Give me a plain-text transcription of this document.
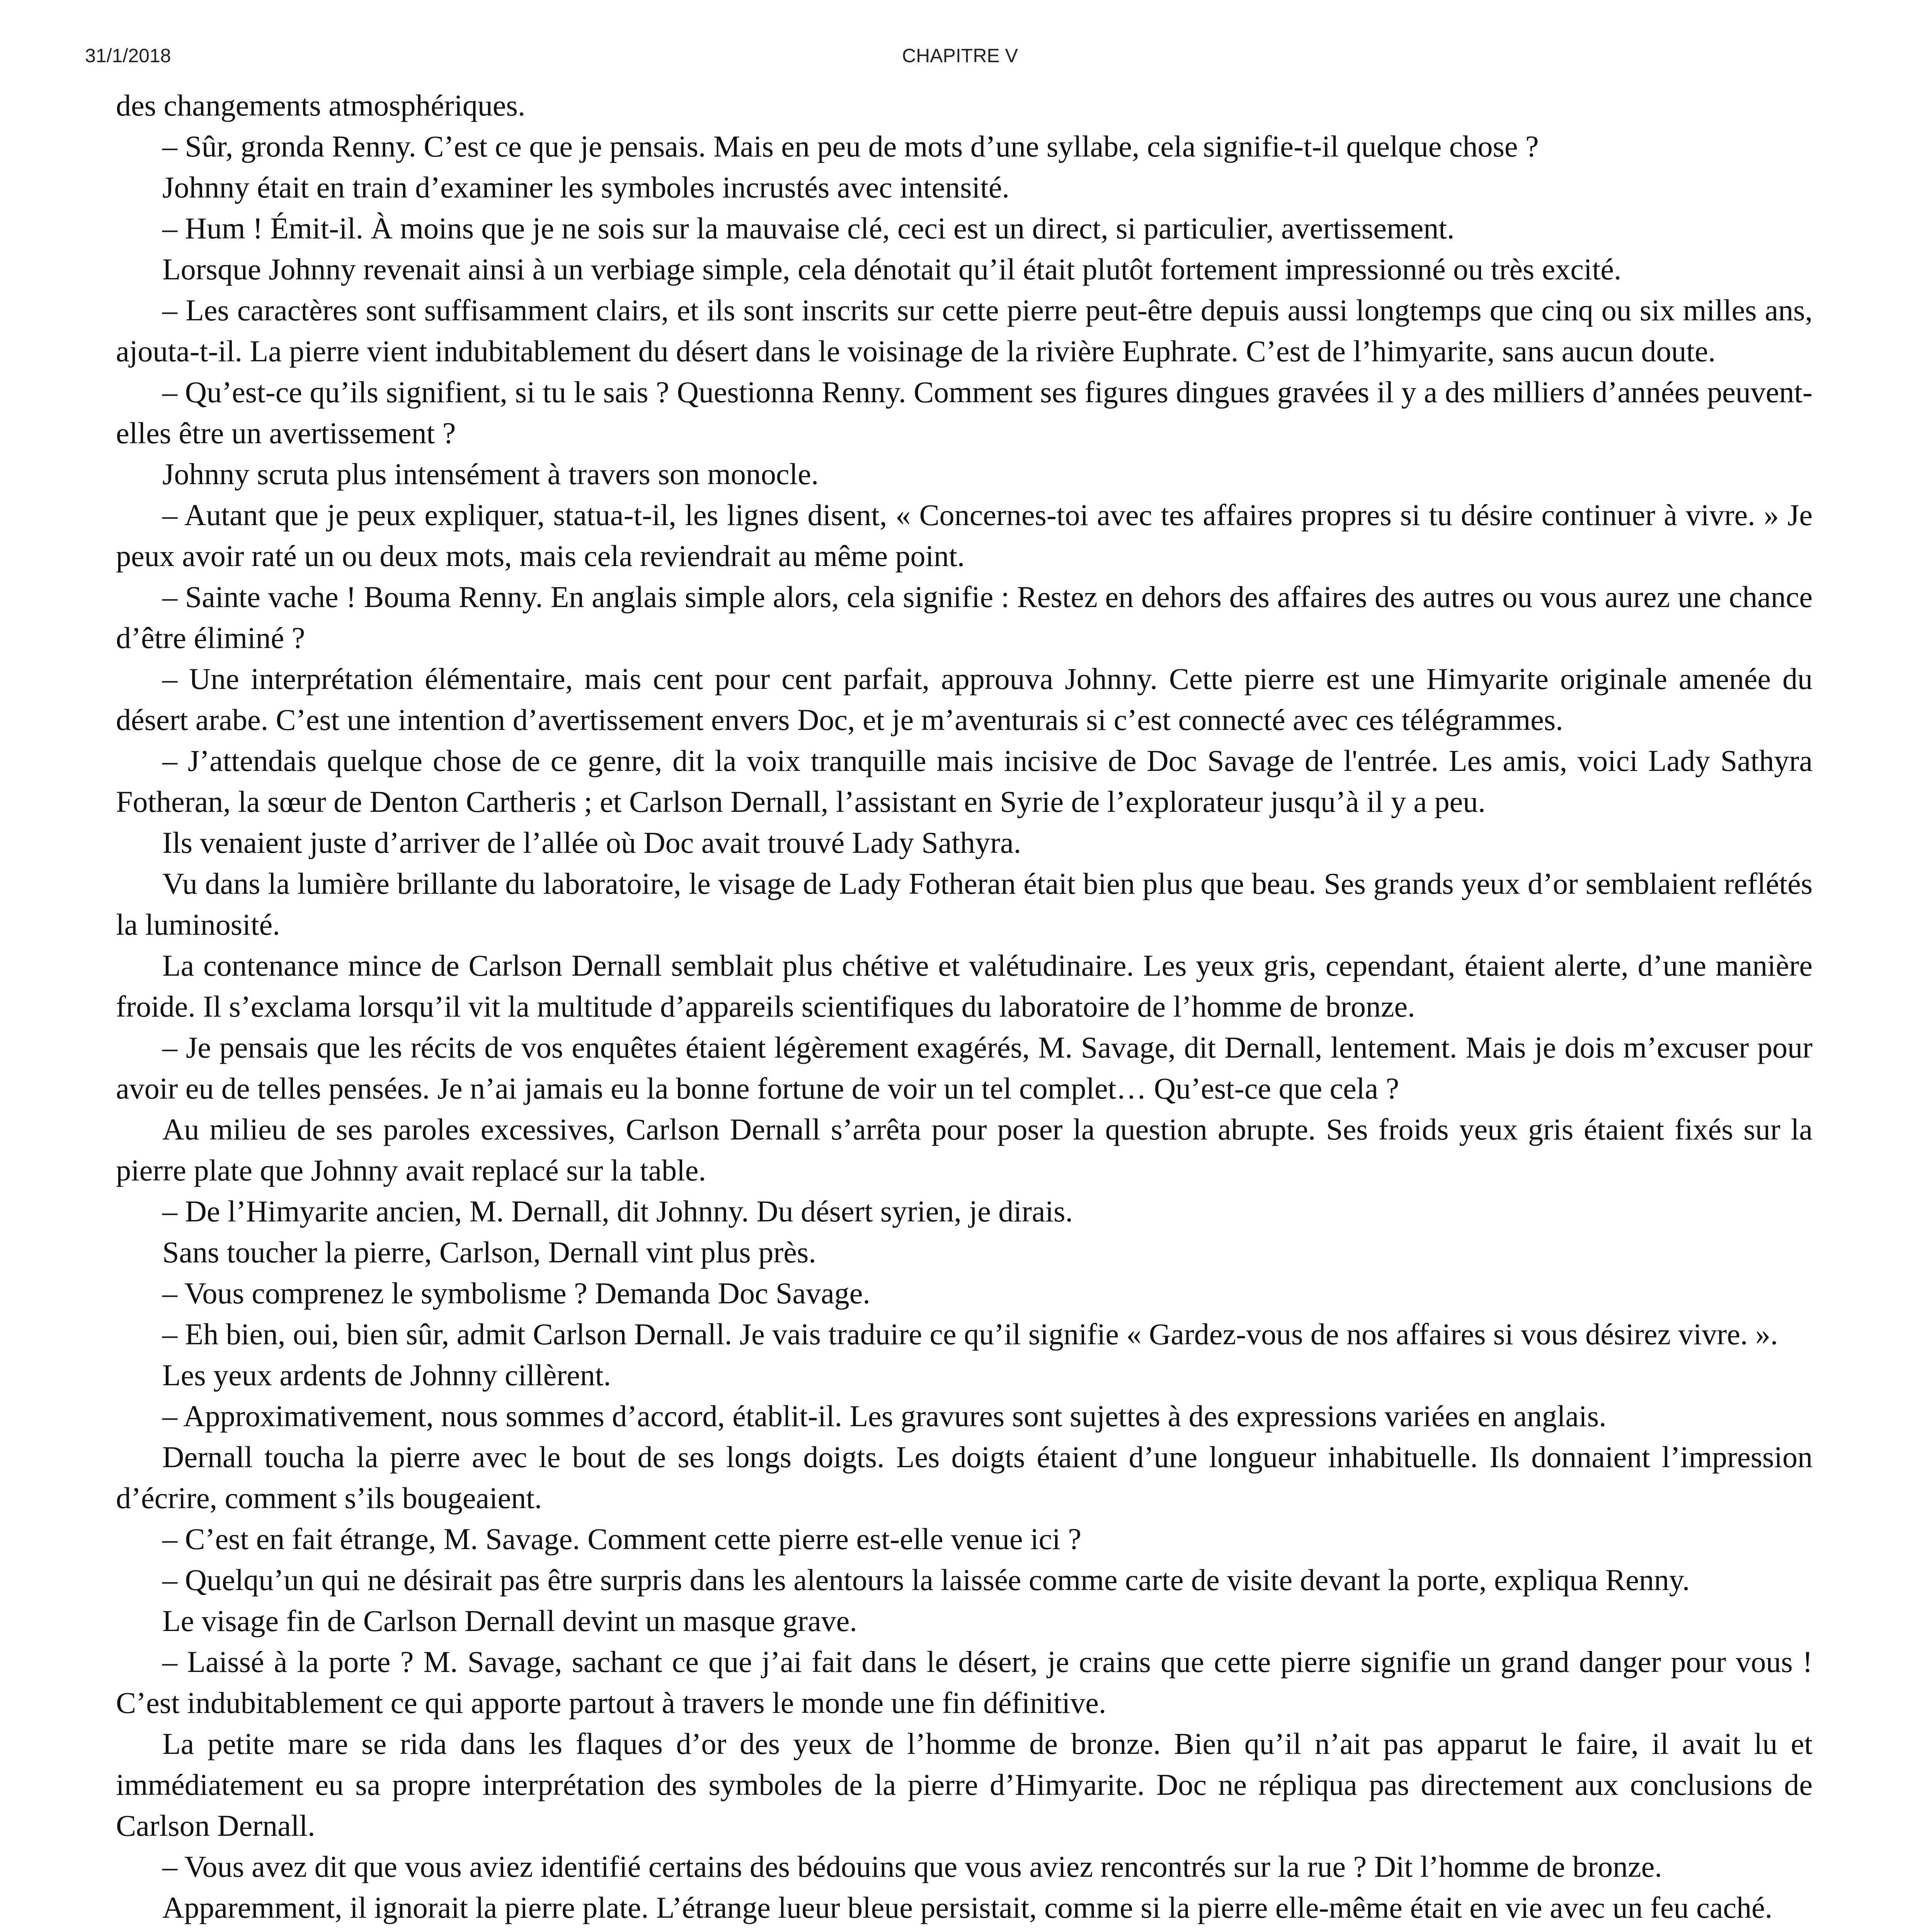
31/1/2018	CHAPITRE V

des changements atmosphériques.

– Sûr, gronda Renny. C’est ce que je pensais. Mais en peu de mots d’une syllabe, cela signifie-t-il quelque chose ?

Johnny était en train d’examiner les symboles incrustés avec intensité.

– Hum ! Émit-il. À moins que je ne sois sur la mauvaise clé, ceci est un direct, si particulier, avertissement.

Lorsque Johnny revenait ainsi à un verbiage simple, cela dénotait qu’il était plutôt fortement impressionné ou très excité.

– Les caractères sont suffisamment clairs, et ils sont inscrits sur cette pierre peut-être depuis aussi longtemps que cinq ou six milles ans, ajouta-t-il. La pierre vient indubitablement du désert dans le voisinage de la rivière Euphrate. C’est de l’himyarite, sans aucun doute.

– Qu’est-ce qu’ils signifient, si tu le sais ? Questionna Renny. Comment ses figures dingues gravées il y a des milliers d’années peuvent-elles être un avertissement ?

Johnny scruta plus intensément à travers son monocle.

– Autant que je peux expliquer, statua-t-il, les lignes disent, « Concernes-toi avec tes affaires propres si tu désire continuer à vivre. » Je peux avoir raté un ou deux mots, mais cela reviendrait au même point.

– Sainte vache ! Bouma Renny. En anglais simple alors, cela signifie : Restez en dehors des affaires des autres ou vous aurez une chance d’être éliminé ?

– Une interprétation élémentaire, mais cent pour cent parfait, approuva Johnny. Cette pierre est une Himyarite originale amenée du désert arabe. C’est une intention d’avertissement envers Doc, et je m’aventurais si c’est connecté avec ces télégrammes.

– J’attendais quelque chose de ce genre, dit la voix tranquille mais incisive de Doc Savage de l'entrée. Les amis, voici Lady Sathyra Fotheran, la sœur de Denton Cartheris ; et Carlson Dernall, l’assistant en Syrie de l’explorateur jusqu’à il y a peu.

Ils venaient juste d’arriver de l’allée où Doc avait trouvé Lady Sathyra.

Vu dans la lumière brillante du laboratoire, le visage de Lady Fotheran était bien plus que beau. Ses grands yeux d’or semblaient reflétés la luminosité.

La contenance mince de Carlson Dernall semblait plus chétive et valétudinaire. Les yeux gris, cependant, étaient alerte, d’une manière froide. Il s’exclama lorsqu’il vit la multitude d’appareils scientifiques du laboratoire de l’homme de bronze.

– Je pensais que les récits de vos enquêtes étaient légèrement exagérés, M. Savage, dit Dernall, lentement. Mais je dois m’excuser pour avoir eu de telles pensées. Je n’ai jamais eu la bonne fortune de voir un tel complet… Qu’est-ce que cela ?

Au milieu de ses paroles excessives, Carlson Dernall s’arrêta pour poser la question abrupte. Ses froids yeux gris étaient fixés sur la pierre plate que Johnny avait replacé sur la table.

– De l’Himyarite ancien, M. Dernall, dit Johnny. Du désert syrien, je dirais.

Sans toucher la pierre, Carlson, Dernall vint plus près.

– Vous comprenez le symbolisme ? Demanda Doc Savage.

– Eh bien, oui, bien sûr, admit Carlson Dernall. Je vais traduire ce qu’il signifie « Gardez-vous de nos affaires si vous désirez vivre. ».

Les yeux ardents de Johnny cillèrent.

– Approximativement, nous sommes d’accord, établit-il. Les gravures sont sujettes à des expressions variées en anglais.

Dernall toucha la pierre avec le bout de ses longs doigts. Les doigts étaient d’une longueur inhabituelle. Ils donnaient l’impression d’écrire, comment s’ils bougeaient.

– C’est en fait étrange, M. Savage. Comment cette pierre est-elle venue ici ?

– Quelqu’un qui ne désirait pas être surpris dans les alentours la laissée comme carte de visite devant la porte, expliqua Renny.

Le visage fin de Carlson Dernall devint un masque grave.

– Laissé à la porte ? M. Savage, sachant ce que j’ai fait dans le désert, je crains que cette pierre signifie un grand danger pour vous ! C’est indubitablement ce qui apporte partout à travers le monde une fin définitive.

La petite mare se rida dans les flaques d’or des yeux de l’homme de bronze. Bien qu’il n’ait pas apparut le faire, il avait lu et immédiatement eu sa propre interprétation des symboles de la pierre d’Himyarite. Doc ne répliqua pas directement aux conclusions de Carlson Dernall.

– Vous avez dit que vous aviez identifié certains des bédouins que vous aviez rencontrés sur la rue ? Dit l’homme de bronze.

Apparemment, il ignorait la pierre plate. L’étrange lueur bleue persistait, comme si la pierre elle-même était en vie avec un feu caché.
